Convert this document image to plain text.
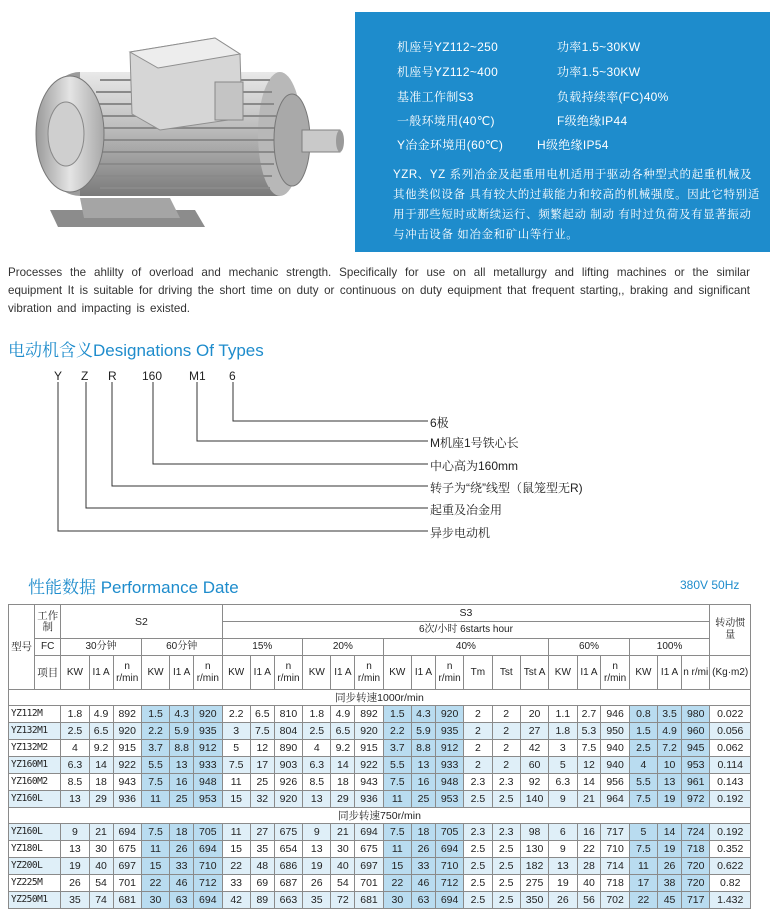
机座号YZ112~250	功率1.5~30KW
机座号YZ112~400	功率1.5~30KW
基准工作制S3	负载持续率(FC)40%
一般环境用(40℃)	F级绝缘IP44
Y冶金环境用(60℃)	H级绝缘IP54
YZR、YZ 系列冶金及起重用电机适用于驱动各种型式的起重机械及其他类似设备 具有较大的过载能力和较高的机械强度。因此它特别适用于那些短时或断续运行、频繁起动 制动 有时过负荷及有显著振动与冲击设备 如冶金和矿山等行业。
Processes the ahlilty of overload and mechanic strength. Specifically for use on all metallurgy and lifting machines or the similar equipment It is suitable for driving the short time on duty or continuous on duty equipment that frequent starting,, braking and significant vibration and impacting is existed.
电动机含义Designations Of Types
Y Z R 160 M1 6
6极
M机座1号铁心长
中心高为160mm
转子为“绕”线型（鼠笼型无R)
起重及冶金用
异步电动机
性能数据 Performance Date	380V 50Hz
型号	工作制	S2						S3																		转动惯量

								6次/小时 6starts hour																		
	FC	30分钟			60分钟			15%			20%			40%						60%			100%			

	项目	KW	I1 A	n r/min	KW	I1 A	n r/min	KW	I1 A	n r/min	KW	I1 A	n r/min	KW	I1 A	n r/min	Tm	Tst	Tst A	KW	I1 A	n r/min	KW	I1 A	n r/mi	(Kg·m2)

同步转速1000r/min																										
YZ112M		1.8	4.9	892	1.5	4.3	920	2.2	6.5	810	1.8	4.9	892	1.5	4.3	920	2	2	20	1.1	2.7	946	0.8	3.5	980	0.022
YZ132M1		2.5	6.5	920	2.2	5.9	935	3	7.5	804	2.5	6.5	920	2.2	5.9	935	2	2	27	1.8	5.3	950	1.5	4.9	960	0.056
YZ132M2		4	9.2	915	3.7	8.8	912	5	12	890	4	9.2	915	3.7	8.8	912	2	2	42	3	7.5	940	2.5	7.2	945	0.062
YZ160M1		6.3	14	922	5.5	13	933	7.5	17	903	6.3	14	922	5.5	13	933	2	2	60	5	12	940	4	10	953	0.114
YZ160M2		8.5	18	943	7.5	16	948	11	25	926	8.5	18	943	7.5	16	948	2.3	2.3	92	6.3	14	956	5.5	13	961	0.143
YZ160L		13	29	936	11	25	953	15	32	920	13	29	936	11	25	953	2.5	2.5	140	9	21	964	7.5	19	972	0.192
同步转速750r/min																										
YZ160L		9	21	694	7.5	18	705	11	27	675	9	21	694	7.5	18	705	2.3	2.3	98	6	16	717	5	14	724	0.192
YZ180L		13	30	675	11	26	694	15	35	654	13	30	675	11	26	694	2.5	2.5	130	9	22	710	7.5	19	718	0.352
YZ200L		19	40	697	15	33	710	22	48	686	19	40	697	15	33	710	2.5	2.5	182	13	28	714	11	26	720	0.622
YZ225M		26	54	701	22	46	712	33	69	687	26	54	701	22	46	712	2.5	2.5	275	19	40	718	17	38	720	0.82
YZ250M1		35	74	681	30	63	694	42	89	663	35	72	681	30	63	694	2.5	2.5	350	26	56	702	22	45	717	1.432
